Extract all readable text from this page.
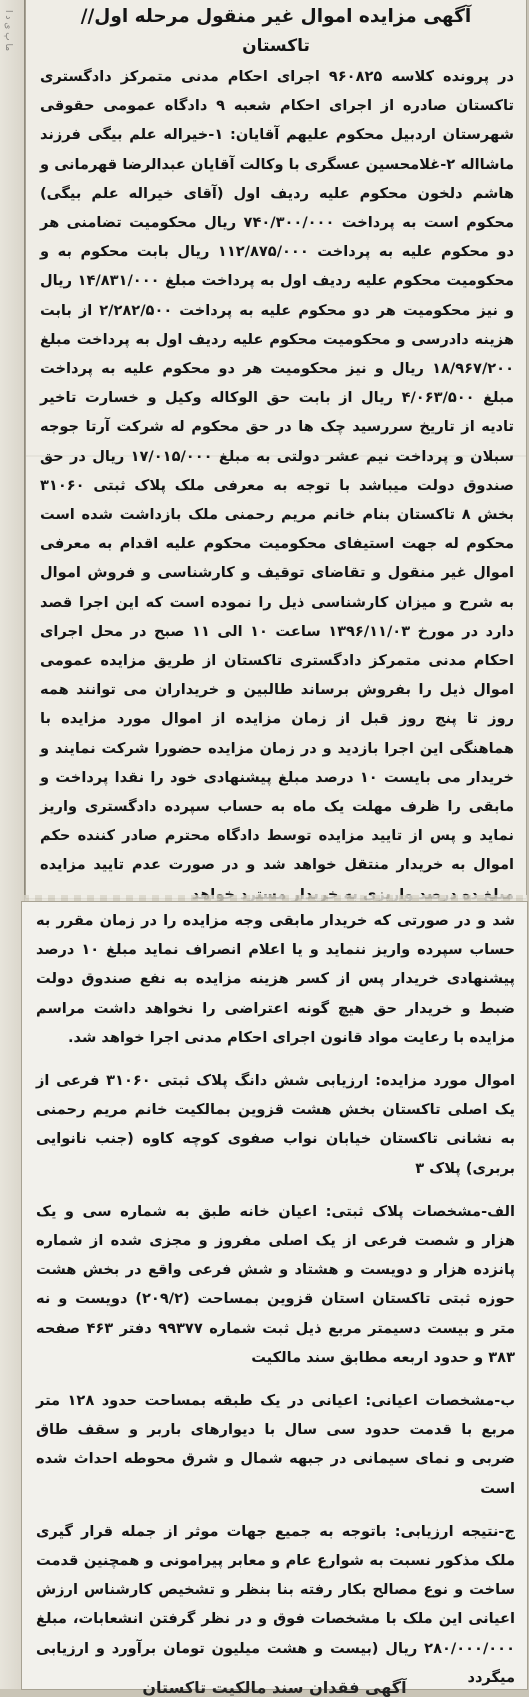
ما پ ی د ا	آگهی مزایده اموال غیر منقول مرحله اول//
تاکستان

در پرونده کلاسه ۹۶۰۸۲۵ اجرای احکام مدنی متمرکز دادگستری تاکستان صادره از اجرای احکام شعبه ۹ دادگاه عمومی حقوقی شهرستان اردبیل محکوم علیهم آقایان: ۱-خیراله علم بیگی فرزند ماشااله ۲-غلامحسین عسگری با وکالت آقایان عبدالرضا قهرمانی و هاشم دلخون محکوم علیه ردیف اول (آقای خیراله علم بیگی) محکوم است به پرداخت ۷۴۰/۳۰۰/۰۰۰ ریال محکومیت تضامنی هر دو محکوم علیه به پرداخت ۱۱۲/۸۷۵/۰۰۰ ریال بابت محکوم به و محکومیت محکوم علیه ردیف اول به پرداخت مبلغ ۱۴/۸۳۱/۰۰۰ ریال و نیز محکومیت هر دو محکوم علیه به پرداخت ۲/۲۸۲/۵۰۰ از بابت هزینه دادرسی و محکومیت محکوم علیه ردیف اول به پرداخت مبلغ ۱۸/۹۶۷/۲۰۰ ریال و نیز محکومیت هر دو محکوم علیه به پرداخت مبلغ ۴/۰۶۳/۵۰۰ ریال از بابت حق الوکاله وکیل و خسارت تاخیر تادیه از تاریخ سررسید چک ها در حق محکوم له شرکت آرتا جوجه سبلان و پرداخت نیم عشر دولتی به مبلغ ۱۷/۰۱۵/۰۰۰ ریال در حق صندوق دولت میباشد با توجه به معرفی ملک پلاک ثبتی ۳۱۰۶۰ بخش ۸ تاکستان بنام خانم مریم رحمنی ملک بازداشت شده است محکوم له جهت استیفای محکومیت محکوم علیه اقدام به معرفی اموال غیر منقول و تقاضای توقیف و کارشناسی و فروش اموال به شرح و میزان کارشناسی ذیل را نموده است که این اجرا قصد دارد در مورخ ۱۳۹۶/۱۱/۰۳ ساعت ۱۰ الی ۱۱ صبح در محل اجرای احکام مدنی متمرکز دادگستری تاکستان از طریق مزایده عمومی اموال ذیل را بفروش برساند طالبین و خریداران می توانند همه روز تا پنج روز قبل از زمان مزایده از اموال مورد مزایده با هماهنگی این اجرا بازدید و در زمان مزایده حضورا شرکت نمایند و خریدار می بایست ۱۰ درصد مبلغ پیشنهادی خود را نقدا پرداخت و مابقی را ظرف مهلت یک ماه به حساب سپرده دادگستری واریز نماید و پس از تایید مزایده توسط دادگاه محترم صادر کننده حکم اموال به خریدار منتقل خواهد شد و در صورت عدم تایید مزایده

شد و در صورتی که خریدار مابقی وجه مزایده را در زمان مقرر به حساب سپرده واریز ننماید و یا اعلام انصراف نماید مبلغ ۱۰ درصد پیشنهادی خریدار پس از کسر هزینه مزایده به نفع صندوق دولت ضبط و خریدار حق هیچ گونه اعتراضی را نخواهد داشت مراسم مزایده با رعایت مواد قانون اجرای احکام مدنی اجرا خواهد شد.

اموال مورد مزایده: ارزیابی شش دانگ پلاک ثبتی ۳۱۰۶۰ فرعی از یک اصلی تاکستان بخش هشت قزوین بمالکیت خانم مریم رحمنی به نشانی تاکستان خیابان نواب صفوی کوچه کاوه (جنب نانوایی بربری) پلاک ۳

الف-مشخصات پلاک ثبتی: اعیان خانه طبق به شماره سی و یک هزار و شصت فرعی از یک اصلی مفروز و مجزی شده از شماره پانزده هزار و دویست و هشتاد و شش فرعی واقع در بخش هشت حوزه ثبتی تاکستان استان قزوین بمساحت (۲۰۹/۲) دویست و نه متر و بیست دسیمتر مربع ذیل ثبت شماره ۹۹۳۷۷ دفتر ۴۶۳ صفحه ۳۸۳ و حدود اربعه مطابق سند مالکیت

ب-مشخصات اعیانی: اعیانی در یک طبقه بمساحت حدود ۱۲۸ متر مربع با قدمت حدود سی سال با دیوارهای باربر و سقف طاق ضربی و نمای سیمانی در جبهه شمال و شرق محوطه احداث شده است

ج-نتیجه ارزیابی: باتوجه به جمیع جهات موثر از جمله قرار گیری ملک مذکور نسبت به شوارع عام و معابر پیرامونی و همچنین قدمت ساخت و نوع مصالح بکار رفته بنا بنظر و تشخیص کارشناس ارزش اعیانی این ملک با مشخصات فوق و در نظر گرفتن انشعابات، مبلغ ۲۸۰/۰۰۰/۰۰۰ ریال (بیست و هشت میلیون تومان برآورد و ارزیابی میگردد

آگهی فقدان سند مالکیت تاکستان
